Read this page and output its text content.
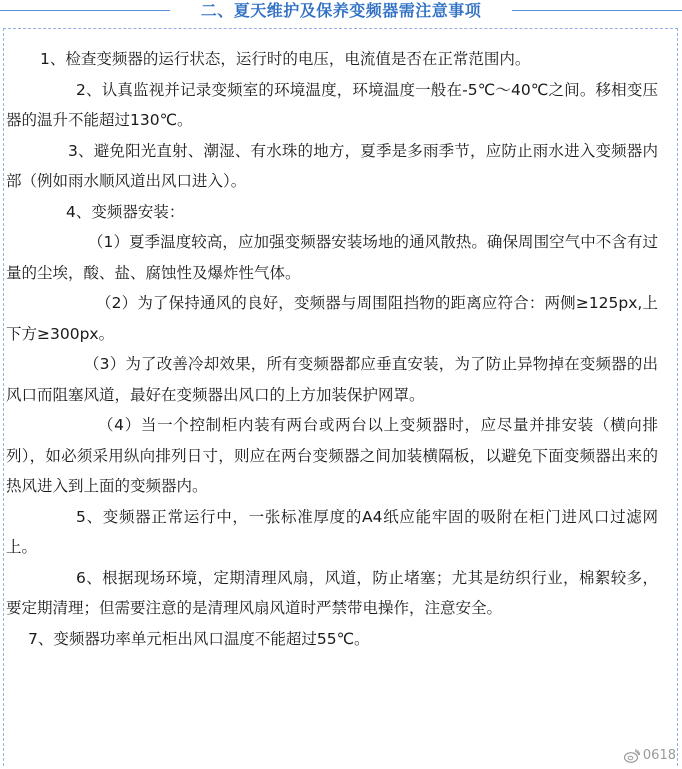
二、夏天维护及保养变频器需注意事项

1、检查变频器的运行状态，运行时的电压，电流值是否在正常范围内。

2、认真监视并记录变频室的环境温度，环境温度一般在-5℃～40℃之间。移相变压器的温升不能超过130℃。

3、避免阳光直射、潮湿、有水珠的地方，夏季是多雨季节，应防止雨水进入变频器内部（例如雨水顺风道出风口进入）。

4、变频器安装：

（1）夏季温度较高，应加强变频器安装场地的通风散热。确保周围空气中不含有过量的尘埃，酸、盐、腐蚀性及爆炸性气体。

（2）为了保持通风的良好，变频器与周围阻挡物的距离应符合：两侧≥125px,上下方≥300px。

（3）为了改善冷却效果，所有变频器都应垂直安装，为了防止异物掉在变频器的出风口而阻塞风道，最好在变频器出风口的上方加装保护网罩。

（4）当一个控制柜内装有两台或两台以上变频器时，应尽量并排安装（横向排列），如必须采用纵向排列日寸，则应在两台变频器之间加装横隔板，以避免下面变频器出来的热风进入到上面的变频器内。

5、变频器正常运行中，一张标准厚度的A4纸应能牢固的吸附在柜门进风口过滤网上。

6、根据现场环境，定期清理风扇，风道，防止堵塞；尤其是纺织行业，棉絮较多，要定期清理；但需要注意的是清理风扇风道时严禁带电操作，注意安全。

7、变频器功率单元柜出风口温度不能超过55℃。

0618
